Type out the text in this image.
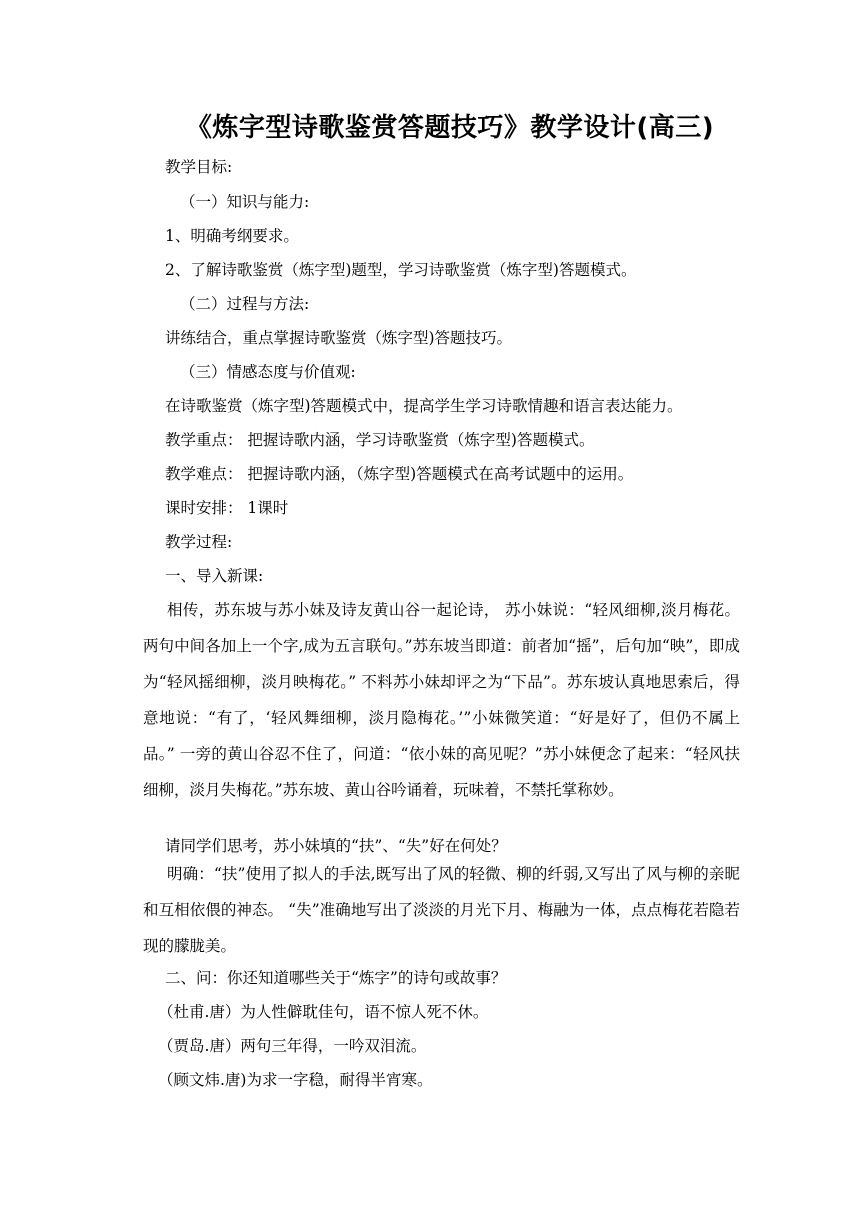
《炼字型诗歌鉴赏答题技巧》教学设计(高三)

教学目标:

（一）知识与能力:

1、明确考纲要求。

2、了解诗歌鉴赏（炼字型)题型，学习诗歌鉴赏（炼字型)答题模式。

（二）过程与方法:

讲练结合，重点掌握诗歌鉴赏（炼字型)答题技巧。

（三）情感态度与价值观:

在诗歌鉴赏（炼字型)答题模式中，提高学生学习诗歌情趣和语言表达能力。

教学重点： 把握诗歌内涵，学习诗歌鉴赏（炼字型)答题模式。

教学难点： 把握诗歌内涵，（炼字型)答题模式在高考试题中的运用。

课时安排： 1课时

教学过程:

一、导入新课:

相传，苏东坡与苏小妹及诗友黄山谷一起论诗， 苏小妹说：“轻风细柳,淡月梅花。两句中间各加上一个字,成为五言联句。”苏东坡当即道：前者加“摇”，后句加“映”，即成为“轻风摇细柳，淡月映梅花。” 不料苏小妹却评之为“下品”。苏东坡认真地思索后，得意地说：“有了，‘轻风舞细柳，淡月隐梅花。’”小妹微笑道：“好是好了，但仍不属上品。” 一旁的黄山谷忍不住了，问道：“依小妹的高见呢？”苏小妹便念了起来：“轻风扶细柳，淡月失梅花。”苏东坡、黄山谷吟诵着，玩味着，不禁托掌称妙。

请同学们思考，苏小妹填的“扶”、“失”好在何处？

明确：“扶”使用了拟人的手法,既写出了风的轻微、柳的纤弱,又写出了风与柳的亲昵和互相依偎的神态。 “失”准确地写出了淡淡的月光下月、梅融为一体，点点梅花若隐若现的朦胧美。

二、问：你还知道哪些关于“炼字”的诗句或故事？

（杜甫.唐）为人性僻耽佳句，语不惊人死不休。

（贾岛.唐）两句三年得，一吟双泪流。

（顾文炜.唐)为求一字稳，耐得半宵寒。
